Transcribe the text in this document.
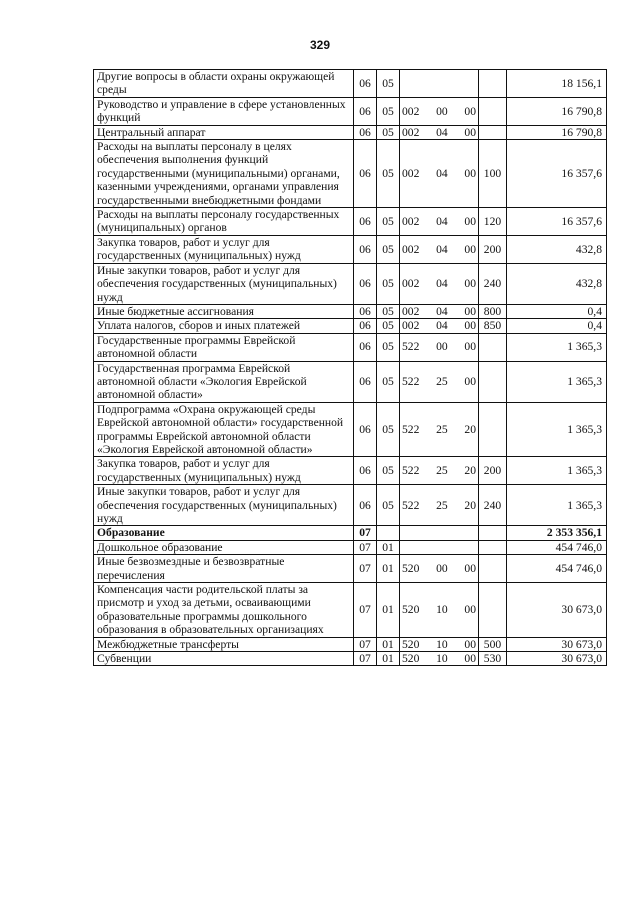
329
Другие вопросы в области охраны окружающей среды	06	05			18 156,1
Руководство и управление в сфере установленных функций	06	05	002 00 00		16 790,8
Центральный аппарат	06	05	002 04 00		16 790,8
Расходы на выплаты персоналу в целях обеспечения выполнения функций государственными (муниципальными) органами, казенными учреждениями, органами управления государственными внебюджетными фондами	06	05	002 04 00	100	16 357,6
Расходы на выплаты персоналу государственных (муниципальных) органов	06	05	002 04 00	120	16 357,6
Закупка товаров, работ и услуг для государственных (муниципальных) нужд	06	05	002 04 00	200	432,8
Иные закупки товаров, работ и услуг для обеспечения государственных (муниципальных) нужд	06	05	002 04 00	240	432,8
Иные бюджетные ассигнования	06	05	002 04 00	800	0,4
Уплата налогов, сборов и иных платежей	06	05	002 04 00	850	0,4
Государственные программы Еврейской автономной области	06	05	522 00 00		1 365,3
Государственная программа Еврейской автономной области «Экология Еврейской автономной области»	06	05	522 25 00		1 365,3
Подпрограмма «Охрана окружающей среды Еврейской автономной области» государственной программы Еврейской автономной области «Экология Еврейской автономной области»	06	05	522 25 20		1 365,3
Закупка товаров, работ и услуг для государственных (муниципальных) нужд	06	05	522 25 20	200	1 365,3
Иные закупки товаров, работ и услуг для обеспечения государственных (муниципальных) нужд	06	05	522 25 20	240	1 365,3
Образование	07				2 353 356,1
Дошкольное образование	07	01			454 746,0
Иные безвозмездные и безвозвратные перечисления	07	01	520 00 00		454 746,0
Компенсация части родительской платы за присмотр и уход за детьми, осваивающими образовательные программы дошкольного образования в образовательных организациях	07	01	520 10 00		30 673,0
Межбюджетные трансферты	07	01	520 10 00	500	30 673,0
Субвенции	07	01	520 10 00	530	30 673,0
